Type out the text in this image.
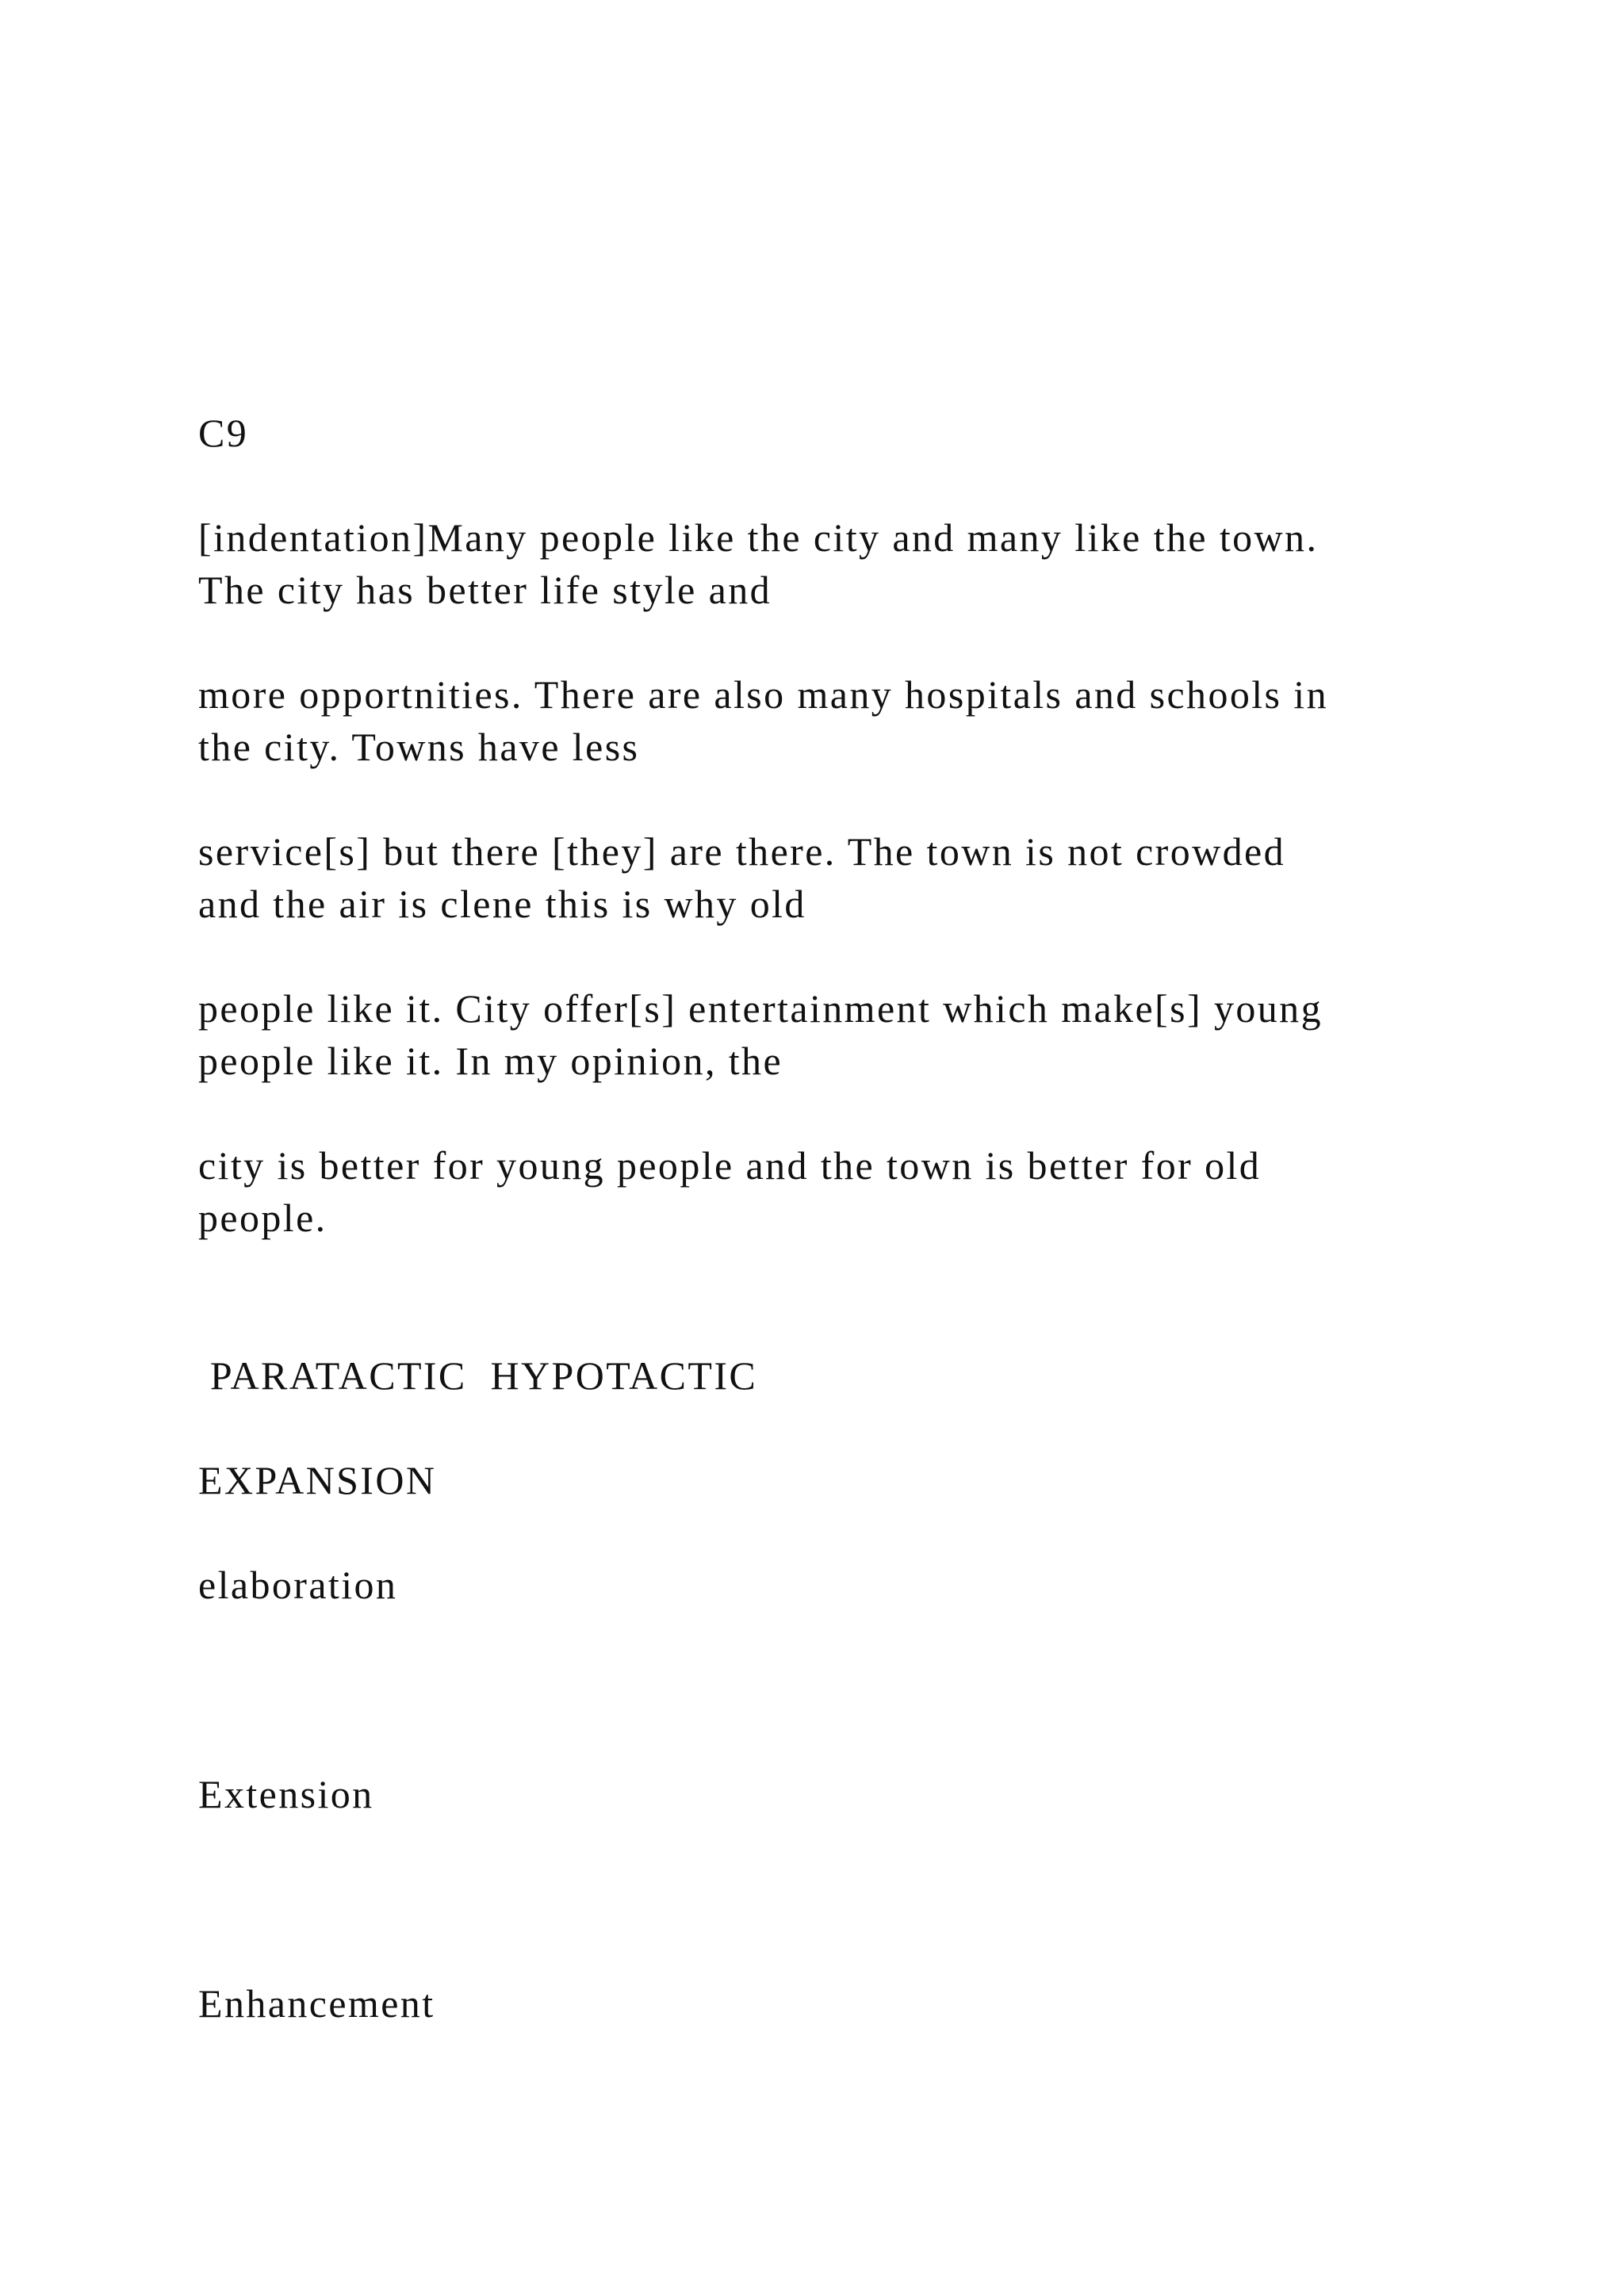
C9

[indentation]Many people like the city and many like the town.

The city has better life style and

more opportnities. There are also many hospitals and schools in

the city. Towns have less

service[s] but there [they] are there. The town is not crowded

and the air is clene this is why old

people like it. City offer[s] entertainment which make[s] young

people like it. In my opinion, the

city is better for young people and the town is better for old

people.

PARATACTIC  HYPOTACTIC

EXPANSION

elaboration

Extension

Enhancement
